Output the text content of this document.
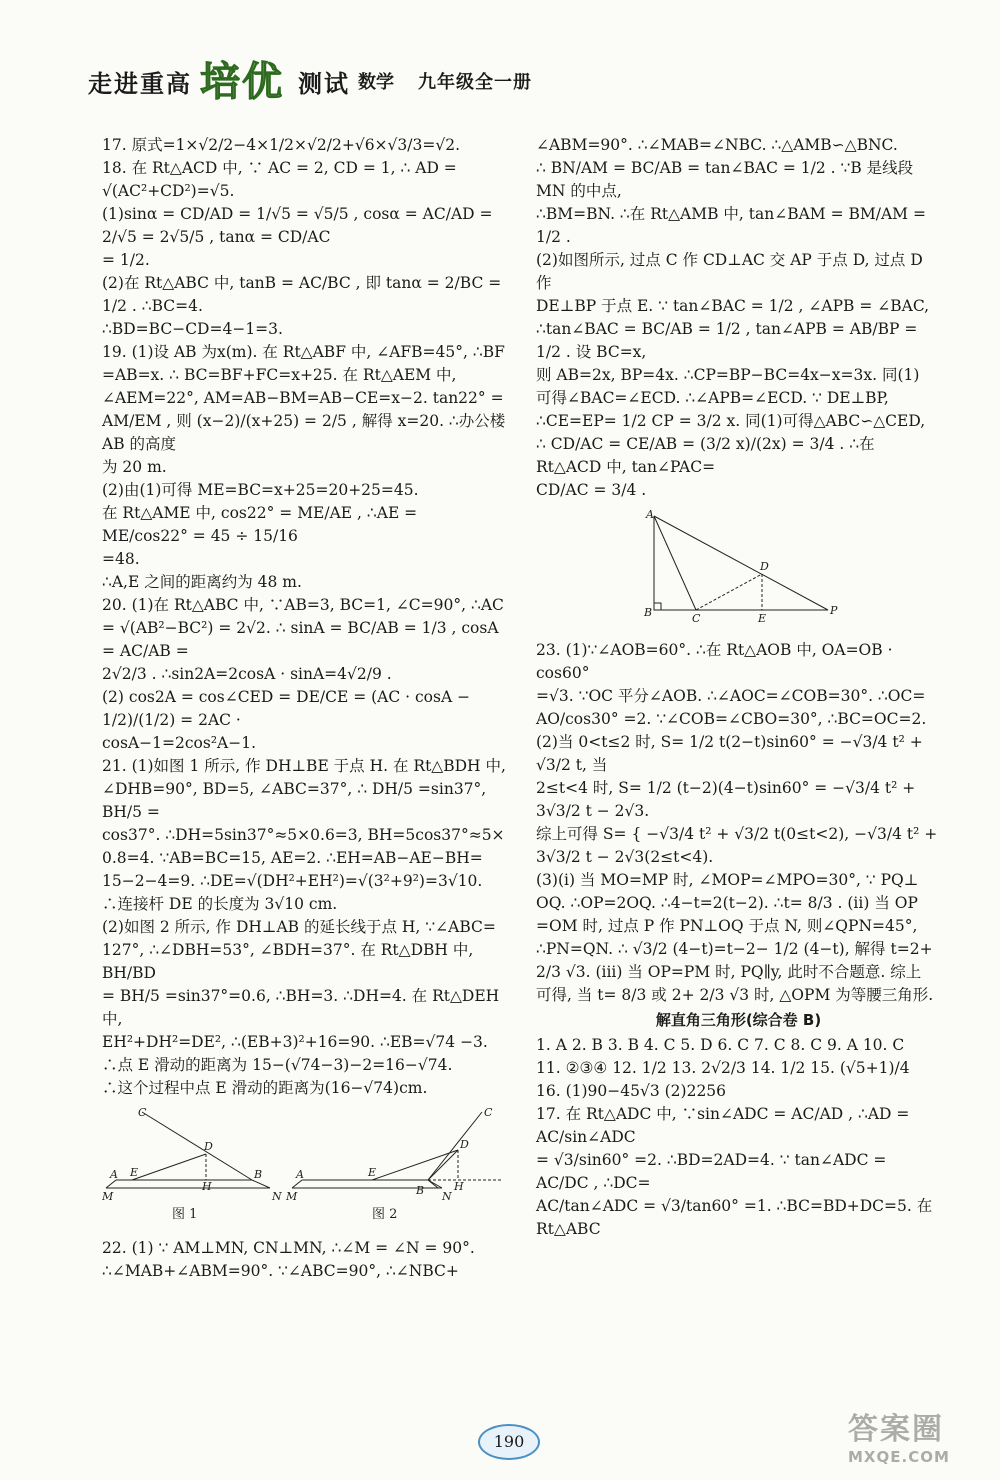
走进重高 培优 测试 数学 九年级全一册

17. 原式=1×√2/2−4×1/2×√2/2+√6×√3/3=√2.

18. 在 Rt△ACD 中, ∵ AC = 2, CD = 1, ∴ AD =

√(AC²+CD²)=√5.

(1)sinα = CD/AD = 1/√5 = √5/5 , cosα = AC/AD = 2/√5 = 2√5/5 , tanα = CD/AC

= 1/2.

(2)在 Rt△ABC 中, tanB = AC/BC , 即 tanα = 2/BC = 1/2 . ∴BC=4.

∴BD=BC−CD=4−1=3.

19. (1)设 AB 为x(m). 在 Rt△ABF 中, ∠AFB=45°, ∴BF

=AB=x. ∴ BC=BF+FC=x+25. 在 Rt△AEM 中,

∠AEM=22°, AM=AB−BM=AB−CE=x−2. tan22° =

AM/EM , 则 (x−2)/(x+25) = 2/5 , 解得 x=20. ∴办公楼 AB 的高度

为 20 m.

(2)由(1)可得 ME=BC=x+25=20+25=45.

在 Rt△AME 中, cos22° = ME/AE , ∴AE = ME/cos22° = 45 ÷ 15/16

=48.

∴A,E 之间的距离约为 48 m.

20. (1)在 Rt△ABC 中, ∵AB=3, BC=1, ∠C=90°, ∴AC

= √(AB²−BC²) = 2√2. ∴ sinA = BC/AB = 1/3 , cosA = AC/AB =

2√2/3 . ∴sin2A=2cosA · sinA=4√2/9 .

(2) cos2A = cos∠CED = DE/CE = (AC · cosA − 1/2)/(1/2) = 2AC ·

cosA−1=2cos²A−1.

21. (1)如图 1 所示, 作 DH⊥BE 于点 H. 在 Rt△BDH 中,

∠DHB=90°, BD=5, ∠ABC=37°, ∴ DH/5 =sin37°, BH/5 =

cos37°. ∴DH=5sin37°≈5×0.6=3, BH=5cos37°≈5×

0.8=4. ∵AB=BC=15, AE=2. ∴EH=AB−AE−BH=

15−2−4=9. ∴DE=√(DH²+EH²)=√(3²+9²)=3√10.

∴连接杆 DE 的长度为 3√10 cm.

(2)如图 2 所示, 作 DH⊥AB 的延长线于点 H, ∵∠ABC=

127°, ∴∠DBH=53°, ∠BDH=37°. 在 Rt△DBH 中, BH/BD

= BH/5 =sin37°=0.6, ∴BH=3. ∴DH=4. 在 Rt△DEH 中,

EH²+DH²=DE², ∴(EB+3)²+16=90. ∴EB=√74 −3.

∴点 E 滑动的距离为 15−(√74−3)−2=16−√74.

∴这个过程中点 E 滑动的距离为(16−√74)cm.

C
D
A E
H
B
M	N
图 1
C
D
A	E
H
B
M	N
图 2

22. (1) ∵ AM⊥MN, CN⊥MN, ∴∠M = ∠N = 90°.

∴∠MAB+∠ABM=90°. ∵∠ABC=90°, ∴∠NBC+

∠ABM=90°. ∴∠MAB=∠NBC. ∴△AMB∽△BNC.

∴ BN/AM = BC/AB = tan∠BAC = 1/2 . ∵B 是线段 MN 的中点,

∴BM=BN. ∴在 Rt△AMB 中, tan∠BAM = BM/AM = 1/2 .

(2)如图所示, 过点 C 作 CD⊥AC 交 AP 于点 D, 过点 D 作

DE⊥BP 于点 E. ∵ tan∠BAC = 1/2 , ∠APB = ∠BAC,

∴tan∠BAC = BC/AB = 1/2 , tan∠APB = AB/BP = 1/2 . 设 BC=x,

则 AB=2x, BP=4x. ∴CP=BP−BC=4x−x=3x. 同(1)

可得∠BAC=∠ECD. ∴∠APB=∠ECD. ∵ DE⊥BP,

∴CE=EP= 1/2 CP = 3/2 x. 同(1)可得△ABC∽△CED,

∴ CD/AC = CE/AB = (3/2 x)/(2x) = 3/4 . ∴在 Rt△ACD 中, tan∠PAC=

CD/AC = 3/4 .

A
B	C
D
E
P

23. (1)∵∠AOB=60°. ∴在 Rt△AOB 中, OA=OB · cos60°

=√3. ∵OC 平分∠AOB. ∴∠AOC=∠COB=30°. ∴OC=

AO/cos30° =2. ∵∠COB=∠CBO=30°, ∴BC=OC=2.

(2)当 0<t≤2 时, S= 1/2 t(2−t)sin60° = −√3/4 t² + √3/2 t, 当

2≤t<4 时, S= 1/2 (t−2)(4−t)sin60° = −√3/4 t² + 3√3/2 t − 2√3.

综上可得 S= { −√3/4 t² + √3/2 t(0≤t<2), −√3/4 t² + 3√3/2 t − 2√3(2≤t<4).

(3)(i) 当 MO=MP 时, ∠MOP=∠MPO=30°, ∵ PQ⊥

OQ. ∴OP=2OQ. ∴4−t=2(t−2). ∴t= 8/3 . (ii) 当 OP

=OM 时, 过点 P 作 PN⊥OQ 于点 N, 则∠QPN=45°,

∴PN=QN. ∴ √3/2 (4−t)=t−2− 1/2 (4−t), 解得 t=2+

2/3 √3. (iii) 当 OP=PM 时, PQ∥y, 此时不合题意. 综上

可得, 当 t= 8/3 或 2+ 2/3 √3 时, △OPM 为等腰三角形.

解直角三角形(综合卷 B)

1. A 2. B 3. B 4. C 5. D 6. C 7. C 8. C 9. A 10. C

11. ②③④ 12. 1/2 13. 2√2/3 14. 1/2 15. (√5+1)/4

16. (1)90−45√3 (2)2256

17. 在 Rt△ADC 中, ∵sin∠ADC = AC/AD , ∴AD = AC/sin∠ADC

= √3/sin60° =2. ∴BD=2AD=4. ∵ tan∠ADC = AC/DC , ∴DC=

AC/tan∠ADC = √3/tan60° =1. ∴BC=BD+DC=5. 在 Rt△ABC

190	答案圈
MXQE.COM
